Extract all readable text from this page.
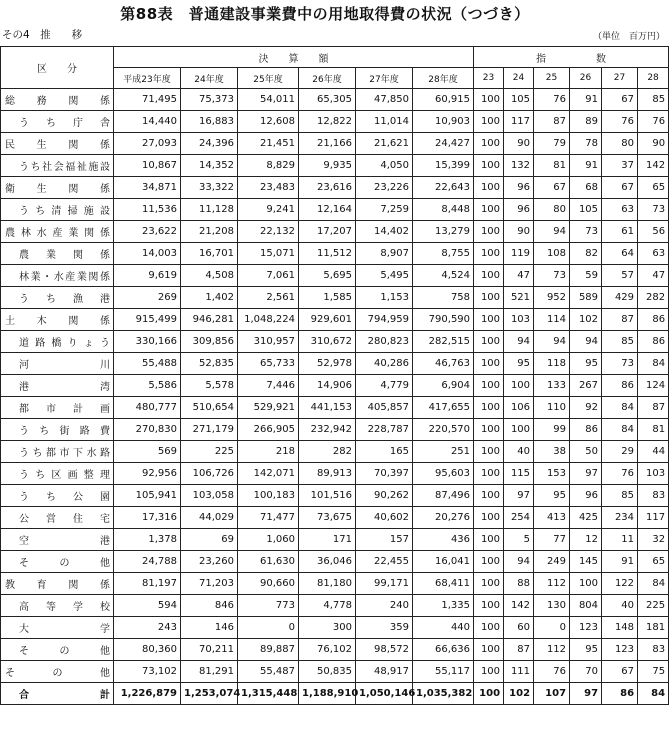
第88表　普通建設事業費中の用地取得費の状況（つづき）
その4　推　　移	（単位　百万円）
区　　分	決　　算　　額						指　　　　　数					
	平成23年度	24年度	25年度	26年度	27年度	28年度	23	24	25	26	27	28

総　務　関　係	71,495	75,373	54,011	65,305	47,850	60,915	100	105	76	91	67	85

う　ち　庁　舎	14,440	16,883	12,608	12,822	11,014	10,903	100	117	87	89	76	76

民　生　関　係	27,093	24,396	21,451	21,166	21,621	24,427	100	90	79	78	80	90

うち社会福祉施設	10,867	14,352	8,829	9,935	4,050	15,399	100	132	81	91	37	142

衛　生　関　係	34,871	33,322	23,483	23,616	23,226	22,643	100	96	67	68	67	65

う ち 清 掃 施 設	11,536	11,128	9,241	12,164	7,259	8,448	100	96	80	105	63	73

農林水産業関係	23,622	21,208	22,132	17,207	14,402	13,279	100	90	94	73	61	56

農　業　関　係	14,003	16,701	15,071	11,512	8,907	8,755	100	119	108	82	64	63

林業・水産業関係	9,619	4,508	7,061	5,695	5,495	4,524	100	47	73	59	57	47

う　ち　漁　港	269	1,402	2,561	1,585	1,153	758	100	521	952	589	429	282

土　木　関　係	915,499	946,281	1,048,224	929,601	794,959	790,590	100	103	114	102	87	86

道 路 橋 り ょ う	330,166	309,856	310,957	310,672	280,823	282,515	100	94	94	94	85	86

河　　　　川	55,488	52,835	65,733	52,978	40,286	46,763	100	95	118	95	73	84

港　　　　湾	5,586	5,578	7,446	14,906	4,779	6,904	100	100	133	267	86	124

都　市　計　画	480,777	510,654	529,921	441,153	405,857	417,655	100	106	110	92	84	87

う ち 街 路 費	270,830	271,179	266,905	232,942	228,787	220,570	100	100	99	86	84	81

うち都市下水路	569	225	218	282	165	251	100	40	38	50	29	44

うち区画整理	92,956	106,726	142,071	89,913	70,397	95,603	100	115	153	97	76	103

う ち 公 園	105,941	103,058	100,183	101,516	90,262	87,496	100	97	95	96	85	83

公　営　住　宅	17,316	44,029	71,477	73,675	40,602	20,276	100	254	413	425	234	117

空　　　　港	1,378	69	1,060	171	157	436	100	5	77	12	11	32

そ　　の　　他	24,788	23,260	61,630	36,046	22,455	16,041	100	94	249	145	91	65

教　育　関　係	81,197	71,203	90,660	81,180	99,171	68,411	100	88	112	100	122	84

高　等　学　校	594	846	773	4,778	240	1,335	100	142	130	804	40	225

大　　　　学	243	146	0	300	359	440	100	60	0	123	148	181

そ　　の　　他	80,360	70,211	89,887	76,102	98,572	66,636	100	87	112	95	123	83

そ　　の　　他	73,102	81,291	55,487	50,835	48,917	55,117	100	111	76	70	67	75

合　　　　計	1,226,879	1,253,074	1,315,448	1,188,910	1,050,146	1,035,382	100	102	107	97	86	84
